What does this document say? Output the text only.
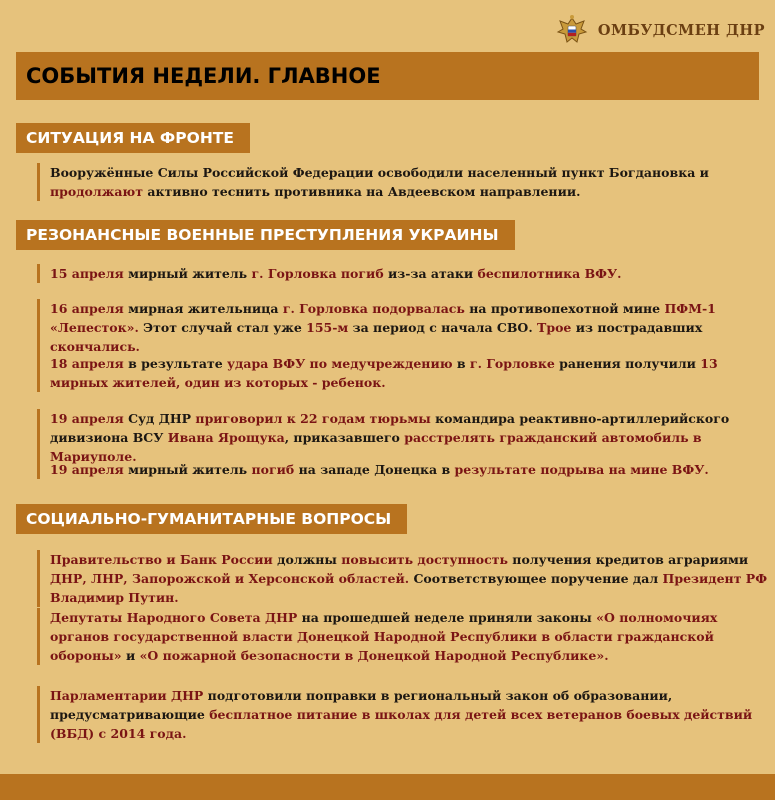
ОМБУДСМЕН ДНР
СОБЫТИЯ НЕДЕЛИ. ГЛАВНОЕ
СИТУАЦИЯ НА ФРОНТЕ
Вооружённые Силы Российской Федерации освободили населенный пункт Богдановка и продолжают активно теснить противника на Авдеевском направлении.
РЕЗОНАНСНЫЕ ВОЕННЫЕ ПРЕСТУПЛЕНИЯ УКРАИНЫ
15 апреля мирный житель г. Горловка погиб из-за атаки беспилотника ВФУ.
16 апреля мирная жительница г. Горловка подорвалась на противопехотной мине ПФМ-1 «Лепесток». Этот случай стал уже 155-м за период с начала СВО. Трое из пострадавших скончались.
18 апреля в результате удара ВФУ по медучреждению в г. Горловке ранения получили 13 мирных жителей, один из которых - ребенок.
19 апреля Суд ДНР приговорил к 22 годам тюрьмы командира реактивно-артиллерийского дивизиона ВСУ Ивана Ярощука, приказавшего расстрелять гражданский автомобиль в Мариуполе.
19 апреля мирный житель погиб на западе Донецка в результате подрыва на мине ВФУ.
СОЦИАЛЬНО-ГУМАНИТАРНЫЕ ВОПРОСЫ
Правительство и Банк России должны повысить доступность получения кредитов аграриями ДНР, ЛНР, Запорожской и Херсонской областей. Соответствующее поручение дал Президент РФ Владимир Путин.
Депутаты Народного Совета ДНР на прошедшей неделе приняли законы «О полномочиях органов государственной власти Донецкой Народной Республики в области гражданской обороны» и «О пожарной безопасности в Донецкой Народной Республике».
Парламентарии ДНР подготовили поправки в региональный закон об образовании, предусматривающие бесплатное питание в школах для детей всех ветеранов боевых действий (ВБД) с 2014 года.
